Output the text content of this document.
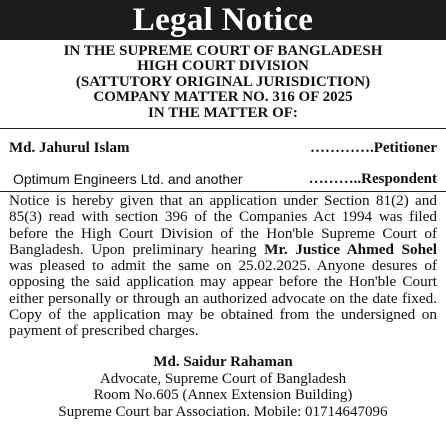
Legal Notice
IN THE SUPREME COURT OF BANGLADESH
HIGH COURT DIVISION
(SATTUTORY ORIGINAL JURISDICTION)
COMPANY MATTER NO. 316 OF 2025
IN THE MATTER OF:
Md. Jahurul Islam	………….Petitioner
Optimum Engineers Ltd. and another	………..Respondent
Notice is hereby given that an application under Section 81(2) and 85(3) read with section 396 of the Companies Act 1994 was filed before the High Court Division of the Hon'ble Supreme Court of Bangladesh. Upon preliminary hearing Mr. Justice Ahmed Sohel was pleased to admit the same on 25.02.2025. Anyone desures of opposing the said application may appear before the Hon'ble Court either personally or through an authorized advocate on the date fixed. Copy of the application may be obtained from the undersigned on payment of prescribed charges.
Md. Saidur Rahaman
Advocate, Supreme Court of Bangladesh
Room No.605 (Annex Extension Building)
Supreme Court bar Association. Mobile: 01714647096
